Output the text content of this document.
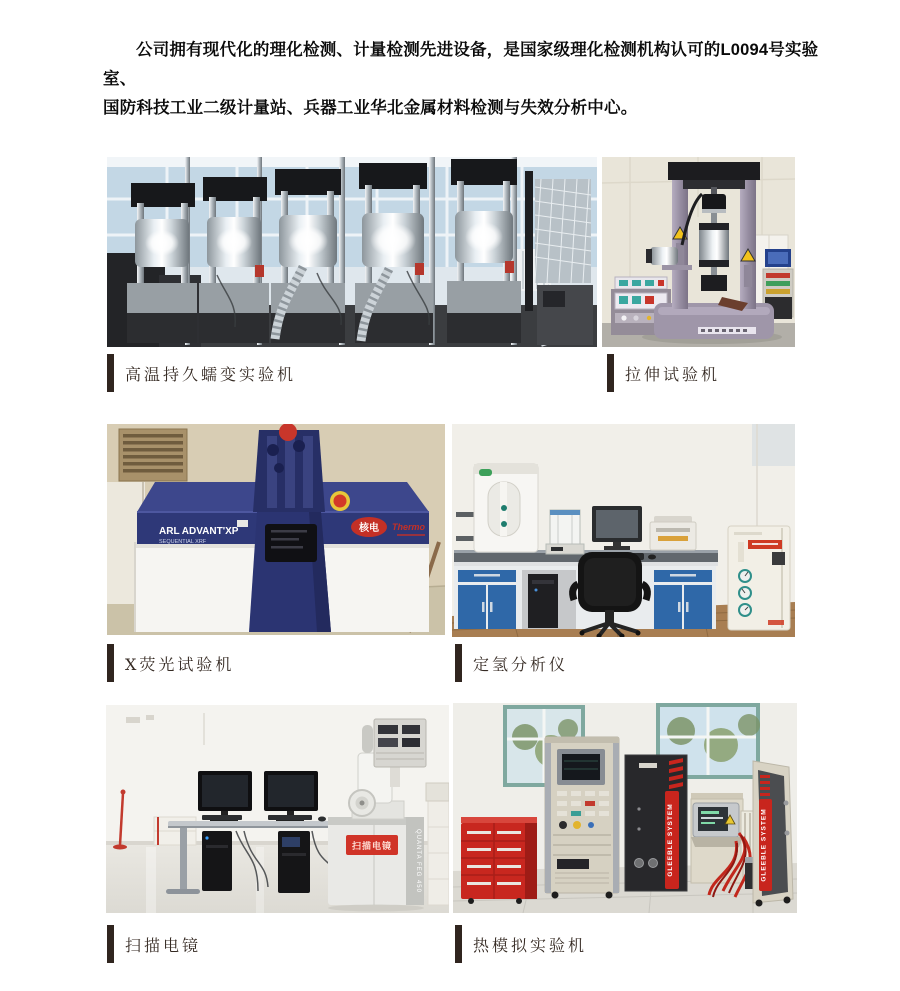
公司拥有现代化的理化检测、计量检测先进设备，是国家级理化检测机构认可的L0094号实验室、
国防科技工业二级计量站、兵器工业华北金属材料检测与失效分析中心。
高温持久蠕变实验机	拉伸试验机
ARL ADVANT'XP
SEQUENTIAL XRF
核电 Thermo
X荧光试验机	定氢分析仪
扫描电镜	QUANTA FEG 450	GLEEBLE SYSTEM	GLEEBLE SYSTEM
扫描电镜	热模拟实验机
